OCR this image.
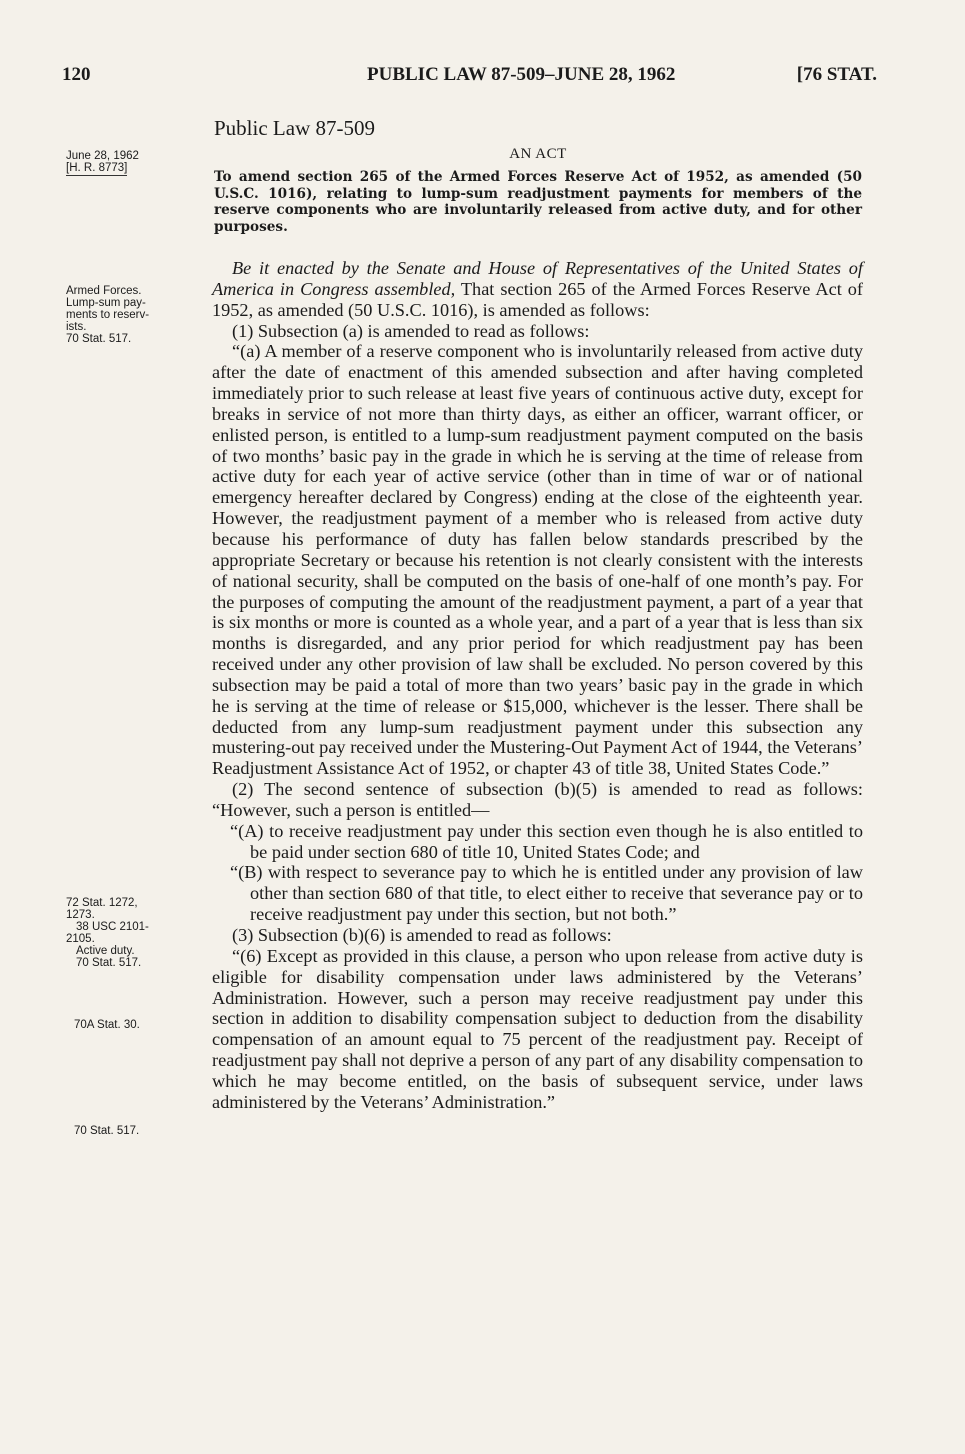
120	PUBLIC LAW 87-509–JUNE 28, 1962	[76 STAT.
Public Law 87-509
June 28, 1962
[H. R. 8773]
AN ACT
To amend section 265 of the Armed Forces Reserve Act of 1952, as amended (50 U.S.C. 1016), relating to lump-sum readjustment payments for members of the reserve components who are involuntarily released from active duty, and for other purposes.
Armed Forces.
Lump-sum pay-
ments to reserv-
ists.
70 Stat. 517.
72 Stat. 1272,
1273.
38 USC 2101-
2105.
Active duty.
70 Stat. 517.
70A Stat. 30.
70 Stat. 517.

Be it enacted by the Senate and House of Representatives of the United States of America in Congress assembled, That section 265 of the Armed Forces Reserve Act of 1952, as amended (50 U.S.C. 1016), is amended as follows:

(1) Subsection (a) is amended to read as follows:

“(a) A member of a reserve component who is involuntarily released from active duty after the date of enactment of this amended subsection and after having completed immediately prior to such release at least five years of continuous active duty, except for breaks in service of not more than thirty days, as either an officer, warrant officer, or enlisted person, is entitled to a lump-sum readjustment payment computed on the basis of two months’ basic pay in the grade in which he is serving at the time of release from active duty for each year of active service (other than in time of war or of national emergency hereafter declared by Congress) ending at the close of the eighteenth year. However, the readjustment payment of a member who is released from active duty because his performance of duty has fallen below standards prescribed by the appropriate Secretary or because his retention is not clearly consistent with the interests of national security, shall be computed on the basis of one-half of one month’s pay. For the purposes of computing the amount of the readjustment payment, a part of a year that is six months or more is counted as a whole year, and a part of a year that is less than six months is disregarded, and any prior period for which readjustment pay has been received under any other provision of law shall be excluded. No person covered by this subsection may be paid a total of more than two years’ basic pay in the grade in which he is serving at the time of release or $15,000, whichever is the lesser. There shall be deducted from any lump-sum readjustment payment under this subsection any mustering-out pay received under the Mustering-Out Payment Act of 1944, the Veterans’ Readjustment Assistance Act of 1952, or chapter 43 of title 38, United States Code.”

(2) The second sentence of subsection (b)(5) is amended to read as follows: “However, such a person is entitled—

“(A) to receive readjustment pay under this section even though he is also entitled to be paid under section 680 of title 10, United States Code; and

“(B) with respect to severance pay to which he is entitled under any provision of law other than section 680 of that title, to elect either to receive that severance pay or to receive readjustment pay under this section, but not both.”

(3) Subsection (b)(6) is amended to read as follows:

“(6) Except as provided in this clause, a person who upon release from active duty is eligible for disability compensation under laws administered by the Veterans’ Administration. However, such a person may receive readjustment pay under this section in addition to disability compensation subject to deduction from the disability compensation of an amount equal to 75 percent of the readjustment pay. Receipt of readjustment pay shall not deprive a person of any part of any disability compensation to which he may become entitled, on the basis of subsequent service, under laws administered by the Veterans’ Administration.”
